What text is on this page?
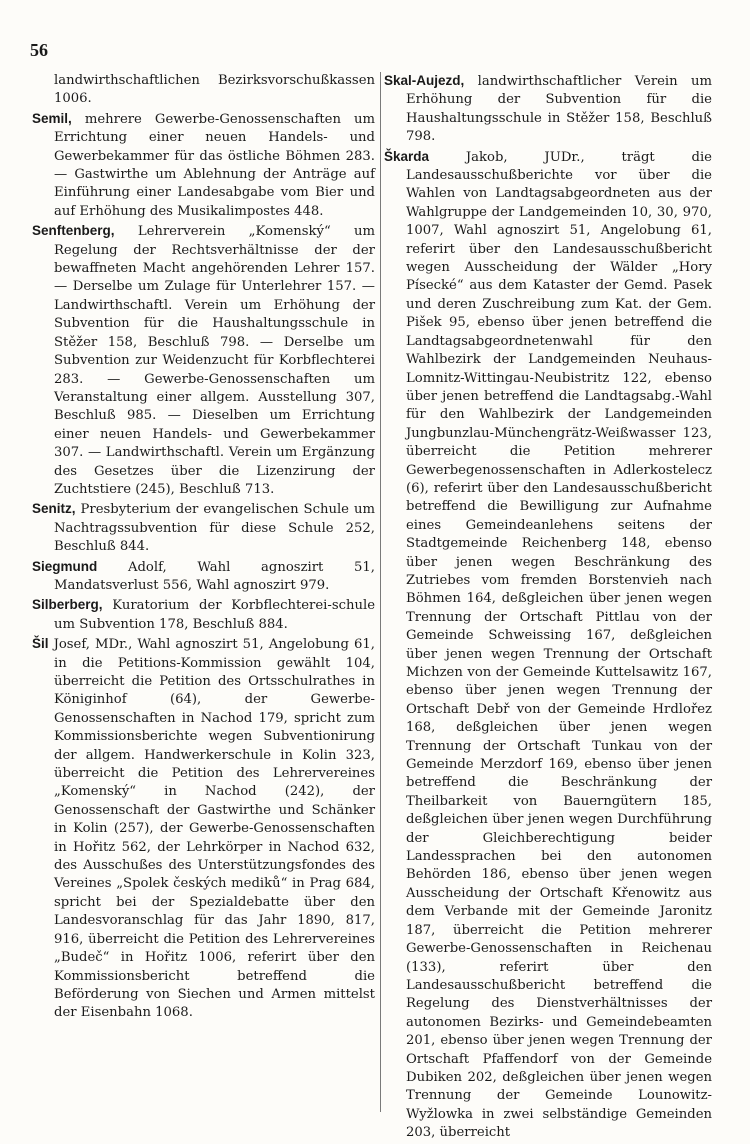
56

landwirthschaftlichen Bezirksvorschußkassen 1006.

Semil, mehrere Gewerbe-Genossenschaften um Errichtung einer neuen Handels- und Gewerbekammer für das östliche Böhmen 283. — Gastwirthe um Ablehnung der Anträge auf Einführung einer Landesabgabe vom Bier und auf Erhöhung des Musikalimpostes 448.

Senftenberg, Lehrerverein „Komenský“ um Regelung der Rechtsverhältnisse der der bewaffneten Macht angehörenden Lehrer 157. — Derselbe um Zulage für Unterlehrer 157. — Landwirthschaftl. Verein um Erhöhung der Subvention für die Haushaltungsschule in Stěžer 158, Beschluß 798. — Derselbe um Subvention zur Weidenzucht für Korbflechterei 283. — Gewerbe-Genossenschaften um Veranstaltung einer allgem. Ausstellung 307, Beschluß 985. — Dieselben um Errichtung einer neuen Handels- und Gewerbekammer 307. — Landwirthschaftl. Verein um Ergänzung des Gesetzes über die Lizenzirung der Zuchtstiere (245), Beschluß 713.

Senitz, Presbyterium der evangelischen Schule um Nachtragssubvention für diese Schule 252, Beschluß 844.

Siegmund Adolf, Wahl agnoszirt 51, Mandatsverlust 556, Wahl agnoszirt 979.

Silberberg, Kuratorium der Korbflechterei-schule um Subvention 178, Beschluß 884.

Šil Josef, MDr., Wahl agnoszirt 51, Angelobung 61, in die Petitions-Kommission gewählt 104, überreicht die Petition des Ortsschulrathes in Königinhof (64), der Gewerbe-Genossenschaften in Nachod 179, spricht zum Kommissionsberichte wegen Subventionirung der allgem. Handwerkerschule in Kolin 323, überreicht die Petition des Lehrervereines „Komenský“ in Nachod (242), der Genossenschaft der Gastwirthe und Schänker in Kolin (257), der Gewerbe-Genossenschaften in Hořitz 562, der Lehrkörper in Nachod 632, des Ausschußes des Unterstützungsfondes des Vereines „Spolek českých mediků“ in Prag 684, spricht bei der Spezialdebatte über den Landesvoranschlag für das Jahr 1890, 817, 916, überreicht die Petition des Lehrervereines „Budeč“ in Hořitz 1006, referirt über den Kommissionsbericht betreffend die Beförderung von Siechen und Armen mittelst der Eisenbahn 1068.

Skal-Aujezd, landwirthschaftlicher Verein um Erhöhung der Subvention für die Haushaltungsschule in Stěžer 158, Beschluß 798.

Škarda	Jakob, JUDr., trägt die Landesausschußberichte vor über die Wahlen von Landtagsabgeordneten aus der Wahlgruppe der Landgemeinden 10, 30, 970, 1007, Wahl agnoszirt 51, Angelobung 61, referirt über den Landesausschußbericht wegen Ausscheidung der Wälder „Hory Písecké“ aus dem Kataster der Gemd. Pasek und deren Zuschreibung zum Kat. der Gem. Pišek 95, ebenso über jenen betreffend die Landtagsabgeordnetenwahl für den Wahlbezirk der Landgemeinden Neuhaus-Lomnitz-Wittingau-Neubistritz 122, ebenso über jenen betreffend die Landtagsabg.-Wahl für den Wahlbezirk der Landgemeinden Jungbunzlau-Münchengrätz-Weißwasser 123, überreicht die Petition mehrerer Gewerbegenossenschaften in Adlerkostelecz (6), referirt über den Landesausschußbericht betreffend die Bewilligung zur Aufnahme eines Gemeindeanlehens seitens der Stadtgemeinde Reichenberg 148, ebenso über jenen wegen Beschränkung des Zutriebes vom fremden Borstenvieh nach Böhmen 164, deßgleichen über jenen wegen Trennung der Ortschaft Pittlau von der Gemeinde Schweissing 167, deßgleichen über jenen wegen Trennung der Ortschaft Michzen von der Gemeinde Kuttelsawitz 167, ebenso über jenen wegen Trennung der Ortschaft Debř von der Gemeinde Hrdlořez 168, deßgleichen über jenen wegen Trennung der Ortschaft Tunkau von der Gemeinde Merzdorf 169, ebenso über jenen betreffend die Beschränkung der Theilbarkeit von Bauerngütern 185, deßgleichen über jenen wegen Durchführung der Gleichberechtigung beider Landessprachen bei den autonomen Behörden 186, ebenso über jenen wegen Ausscheidung der Ortschaft Křenowitz aus dem Verbande mit der Gemeinde Jaronitz 187, überreicht die Petition mehrerer Gewerbe-Genossenschaften in Reichenau (133), referirt über den Landesausschußbericht betreffend die Regelung des Dienstverhältnisses der autonomen Bezirks- und Gemeindebeamten 201, ebenso über jenen wegen Trennung der Ortschaft Pfaffendorf von der Gemeinde Dubiken 202, deßgleichen über jenen wegen Trennung der Gemeinde Lounowitz-Wyžlowka in zwei selbständige Gemeinden 203, überreicht
